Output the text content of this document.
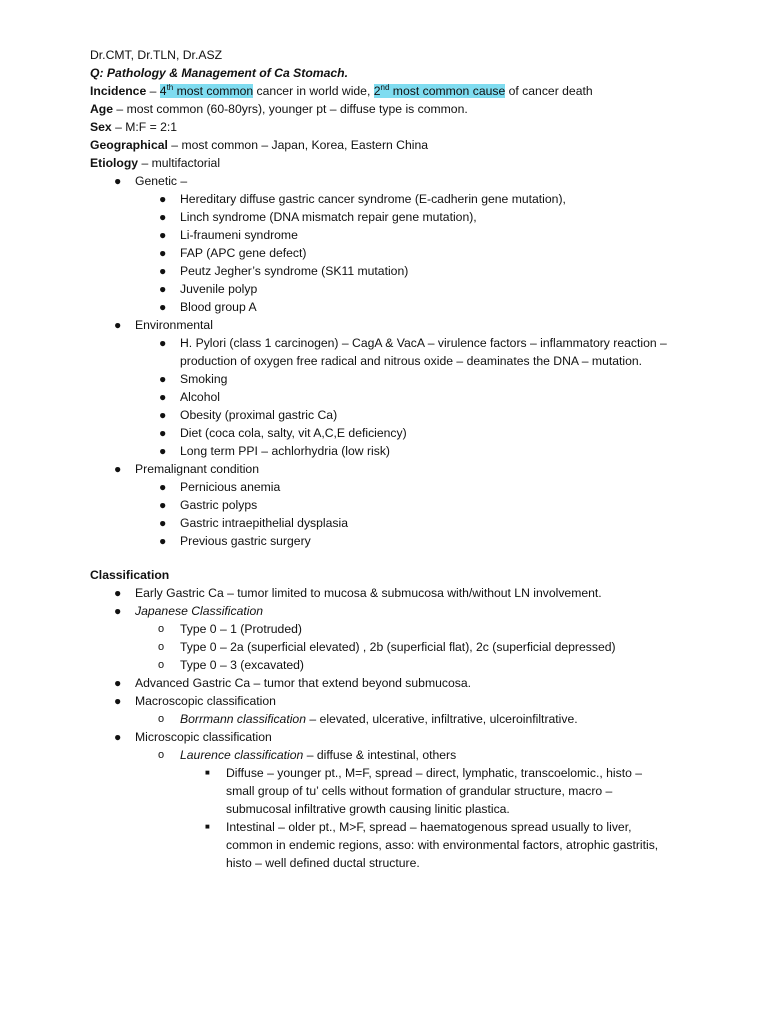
Dr.CMT, Dr.TLN, Dr.ASZ

Q: Pathology & Management of Ca Stomach.

Incidence – 4th most common cancer in world wide, 2nd most common cause of cancer death

Age – most common (60-80yrs), younger pt – diffuse type is common.

Sex – M:F = 2:1

Geographical – most common – Japan, Korea, Eastern China

Etiology – multifactorial

● Genetic –
● Hereditary diffuse gastric cancer syndrome (E-cadherin gene mutation),
● Linch syndrome (DNA mismatch repair gene mutation),
● Li-fraumeni syndrome
● FAP (APC gene defect)
● Peutz Jegher’s syndrome (SK11 mutation)
● Juvenile polyp
● Blood group A
● Environmental
● H. Pylori (class 1 carcinogen) – CagA & VacA – virulence factors – inflammatory reaction – production of oxygen free radical and nitrous oxide – deaminates the DNA – mutation.
● Smoking
● Alcohol
● Obesity (proximal gastric Ca)
● Diet (coca cola, salty, vit A,C,E deficiency)
● Long term PPI – achlorhydria (low risk)
● Premalignant condition
● Pernicious anemia
● Gastric polyps
● Gastric intraepithelial dysplasia
● Previous gastric surgery

Classification

● Early Gastric Ca – tumor limited to mucosa & submucosa with/without LN involvement.
● Japanese Classification
o Type 0 – 1 (Protruded)
o Type 0 – 2a (superficial elevated) , 2b (superficial flat), 2c (superficial depressed)
o Type 0 – 3 (excavated)
● Advanced Gastric Ca – tumor that extend beyond submucosa.
● Macroscopic classification
o Borrmann classification – elevated, ulcerative, infiltrative, ulceroinfiltrative.
● Microscopic classification
o Laurence classification – diffuse & intestinal, others
■ Diffuse – younger pt., M=F, spread – direct, lymphatic, transcoelomic., histo – small group of tu’ cells without formation of grandular structure, macro – submucosal infiltrative growth causing linitic plastica.
■ Intestinal – older pt., M>F, spread – haematogenous spread usually to liver, common in endemic regions, asso: with environmental factors, atrophic gastritis, histo – well defined ductal structure.
